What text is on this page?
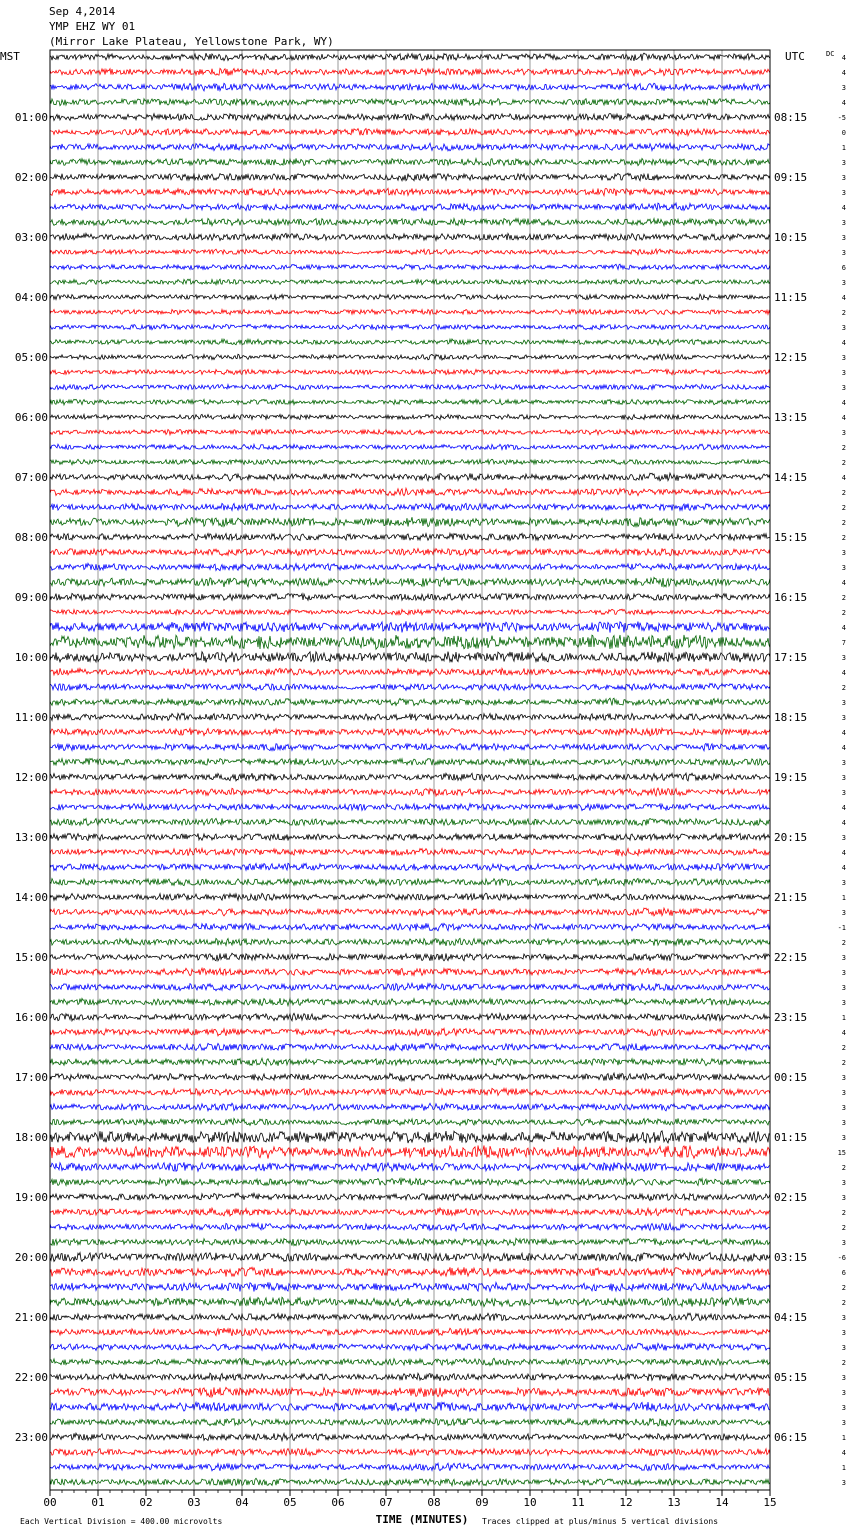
Sep 4,2014
YMP EHZ WY 01
(Mirror Lake Plateau, Yellowstone Park, WY)
MST	UTC	DC
01:00
02:00
03:00
04:00
05:00
06:00
07:00
08:00
09:00
10:00
11:00
12:00
13:00
14:00
15:00
16:00
17:00
18:00
19:00
20:00
21:00
22:00
23:00
08:15
09:15
10:15
11:15
12:15
13:15
14:15
15:15
16:15
17:15
18:15
19:15
20:15
21:15
22:15
23:15
00:15
01:15
02:15
03:15
04:15
05:15
06:15
4
4
3
4
-5
0
1
3
3
3
4
3
3
3
6
3
4
2
3
4
3
3
3
4
4
3
2
2
4
2
2
2
2
3
3
4
2
2
4
7
3
4
2
3
3
4
4
3
3
3
4
4
3
4
4
3
1
3
-1
2
3
3
3
3
1
4
2
2
3
3
3
3
3
15
2
3
3
2
2
3
-6
6
2
2
3
3
3
2
3
3
3
3
1
4
1
3
00	01	02	03	04	05	06	07	08	09	10	11	12	13	14	15
TIME (MINUTES)
Each Vertical Division = 400.00 microvolts	Traces clipped at plus/minus 5 vertical divisions
